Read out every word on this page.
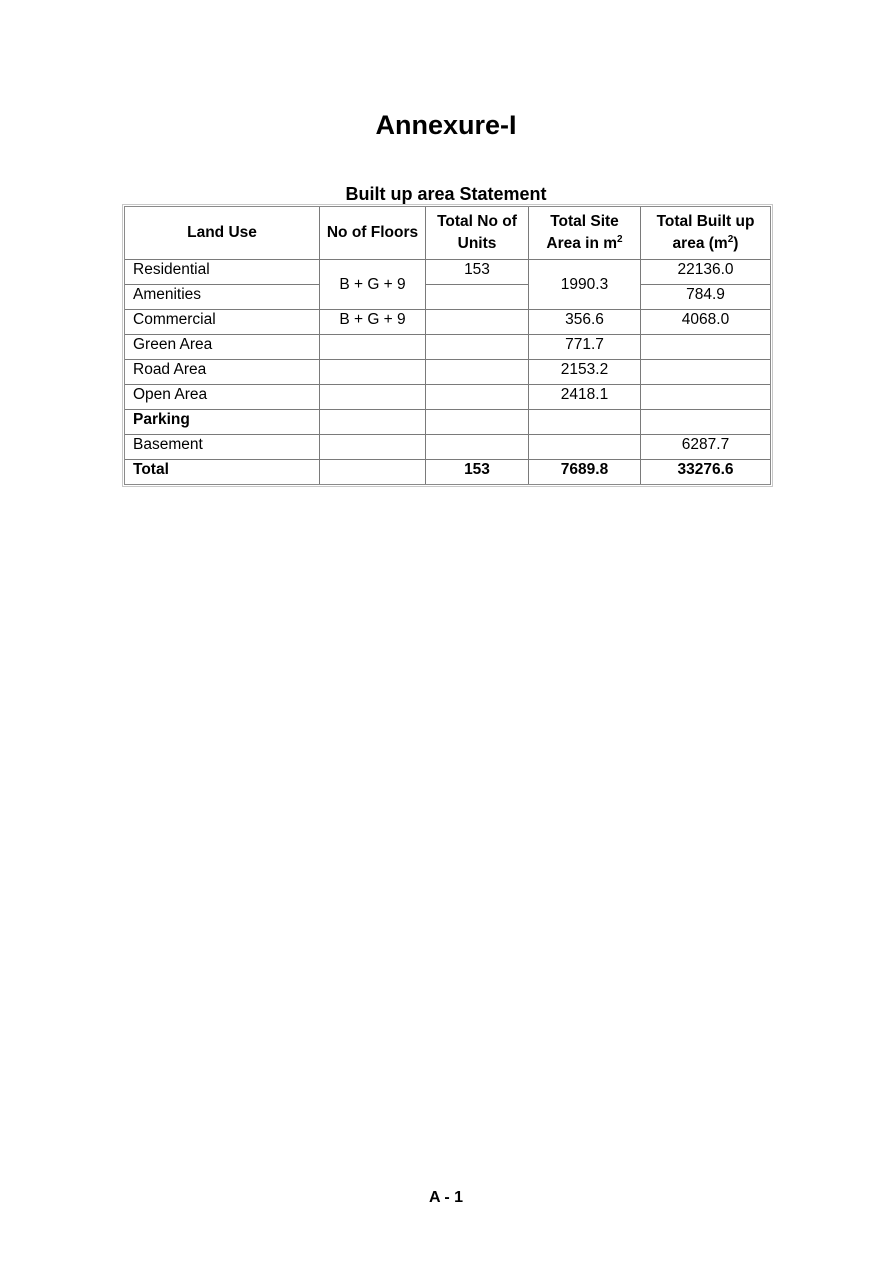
Annexure-I
Built up area Statement
Land Use	No of Floors	Total No of Units	Total Site Area in $m^2$	Total Built up area $(m^2)$
Residential	B + G + 9	153	1990.3	22136.0
Amenities				784.9
Commercial	B + G + 9		356.6	4068.0
Green Area			771.7	
Road Area			2153.2	
Open Area			2418.1	
Parking				
Basement				6287.7
Total		153	7689.8	33276.6
A - 1
